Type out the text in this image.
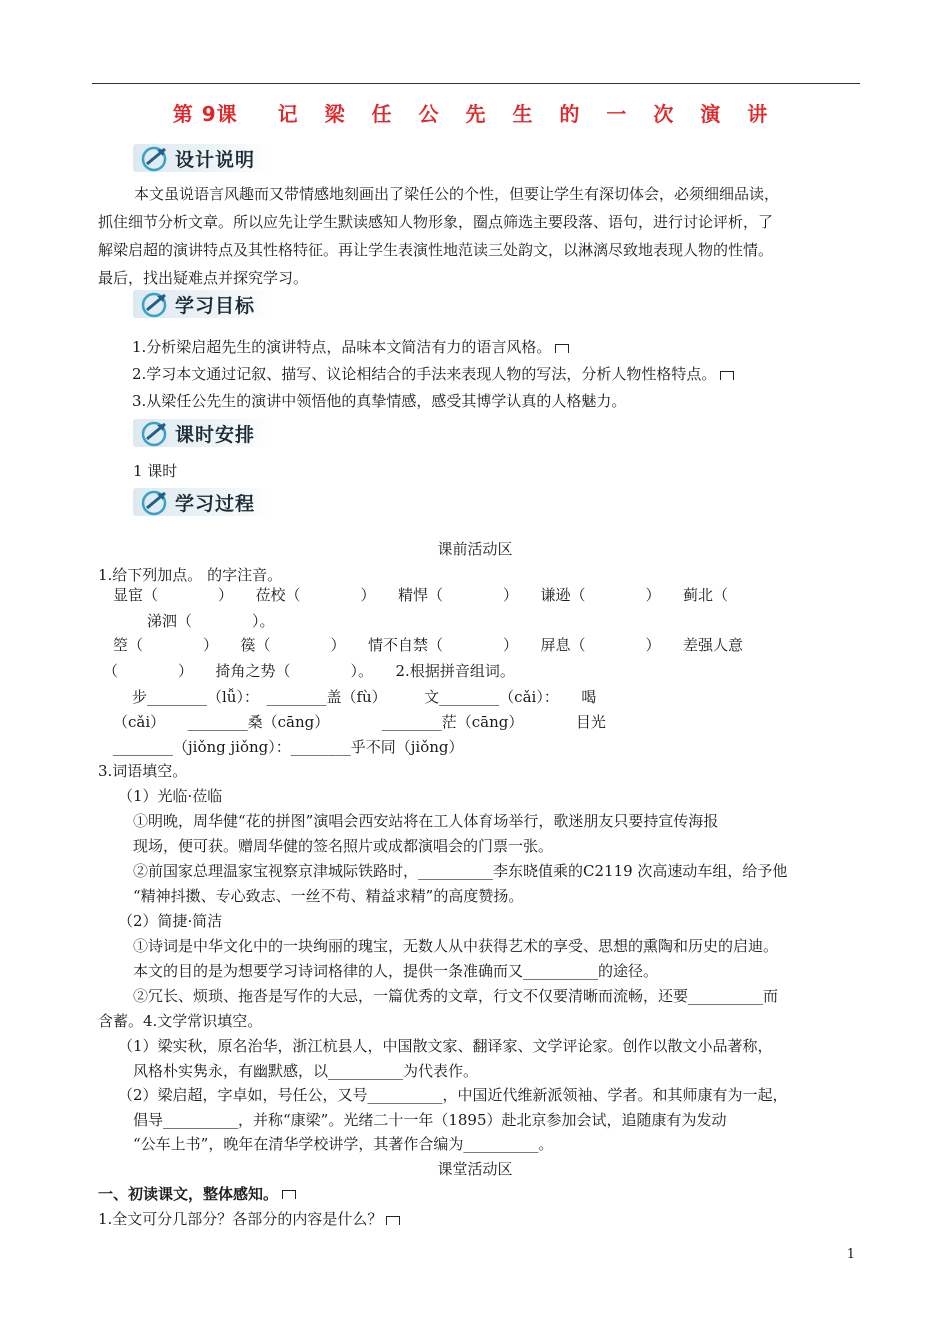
第 9课 记 梁 任 公 先 生 的 一 次 演 讲
设计说明

本文虽说语言风趣而又带情感地刻画出了梁任公的个性，但要让学生有深切体会，必须细细品读，

抓住细节分析文章。所以应先让学生默读感知人物形象，圈点筛选主要段落、语句，进行讨论评析，了

解梁启超的演讲特点及其性格特征。再让学生表演性地范读三处韵文，以淋漓尽致地表现人物的性情。

最后，找出疑难点并探究学习。

学习目标

1.分析梁启超先生的演讲特点，品味本文简洁有力的语言风格。

2.学习本文通过记叙、描写、议论相结合的手法来表现人物的写法，分析人物性格特点。

3.从梁任公先生的演讲中领悟他的真挚情感，感受其博学认真的人格魅力。

课时安排
1 课时
学习过程
课前活动区
1.给下列加点。 的字注音。
显宦（　　　　）　　莅校（　　　　）　　精悍（　　　　）　　谦逊（　　　　）　　蓟北（
涕泗（　　　　）。
箜（　　　　）　　篌（　　　　）　　情不自禁（　　　　）　　屏息（　　　　）　　差强人意
（　　　　）　　掎角之势（　　　　）。　　2.根据拼音组词。
步________（lǚ）：　________盖（fù）　　　文________（cǎi）：　　喝
（cǎi）　　________桑（cāng）　　　　________茫（cāng）　　　　目光
________（jiǒng jiǒng）：________乎不同（jiǒng）
3.词语填空。
（1）光临·莅临
①明晚，周华健“花的拼图”演唱会西安站将在工人体育场举行，歌迷朋友只要持宣传海报
现场，便可获。赠周华健的签名照片或成都演唱会的门票一张。
②前国家总理温家宝视察京津城际铁路时，__________李东晓值乘的C2119 次高速动车组，给予他
“精神抖擞、专心致志、一丝不苟、精益求精”的高度赞扬。
（2）简捷·简洁
①诗词是中华文化中的一块绚丽的瑰宝，无数人从中获得艺术的享受、思想的熏陶和历史的启迪。
本文的目的是为想要学习诗词格律的人，提供一条准确而又__________的途径。
②冗长、烦琐、拖沓是写作的大忌，一篇优秀的文章，行文不仅要清晰而流畅，还要__________而
含蓄。4.文学常识填空。
（1）梁实秋，原名治华，浙江杭县人，中国散文家、翻译家、文学评论家。创作以散文小品著称，
风格朴实隽永，有幽默感，以__________为代表作。
（2）梁启超，字卓如，号任公，又号__________，中国近代维新派领袖、学者。和其师康有为一起，
倡导__________，并称“康梁”。光绪二十一年（1895）赴北京参加会试，追随康有为发动
“公车上书”，晚年在清华学校讲学，其著作合编为__________。
课堂活动区
一、初读课文，整体感知。
1.全文可分几部分？各部分的内容是什么？
1
